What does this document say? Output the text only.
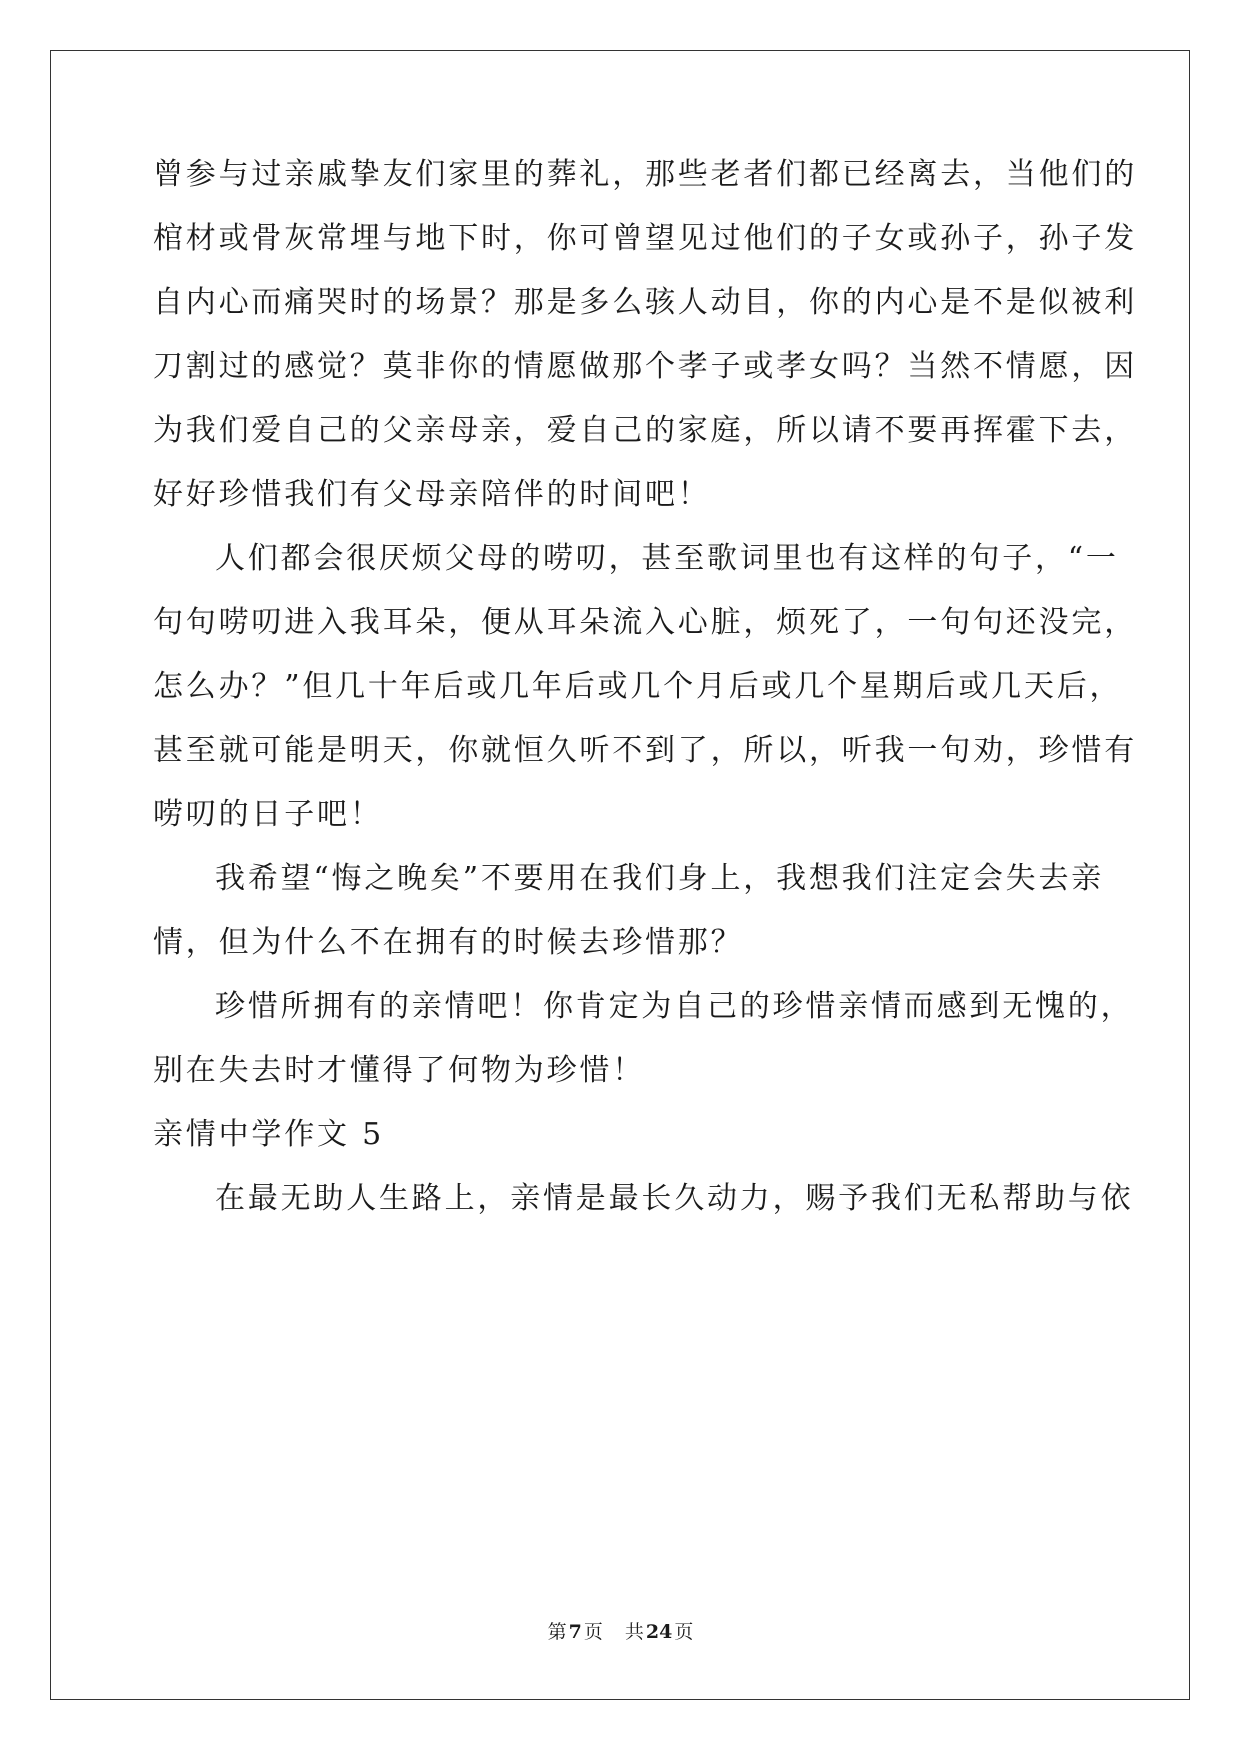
曾参与过亲戚挚友们家里的葬礼，那些老者们都已经离去，当他们的
棺材或骨灰常埋与地下时，你可曾望见过他们的子女或孙子，孙子发
自内心而痛哭时的场景？那是多么骇人动目，你的内心是不是似被利
刀割过的感觉？莫非你的情愿做那个孝子或孝女吗？当然不情愿，因
为我们爱自己的父亲母亲，爱自己的家庭，所以请不要再挥霍下去，
好好珍惜我们有父母亲陪伴的时间吧！
人们都会很厌烦父母的唠叨，甚至歌词里也有这样的句子，“一
句句唠叨进入我耳朵，便从耳朵流入心脏，烦死了，一句句还没完，
怎么办？”但几十年后或几年后或几个月后或几个星期后或几天后，
甚至就可能是明天，你就恒久听不到了，所以，听我一句劝，珍惜有
唠叨的日子吧！
我希望“悔之晚矣”不要用在我们身上，我想我们注定会失去亲
情，但为什么不在拥有的时候去珍惜那？
珍惜所拥有的亲情吧！你肯定为自己的珍惜亲情而感到无愧的，
别在失去时才懂得了何物为珍惜！
亲情中学作文 5
在最无助人生路上，亲情是最长久动力，赐予我们无私帮助与依
第 7 页 共 24 页
